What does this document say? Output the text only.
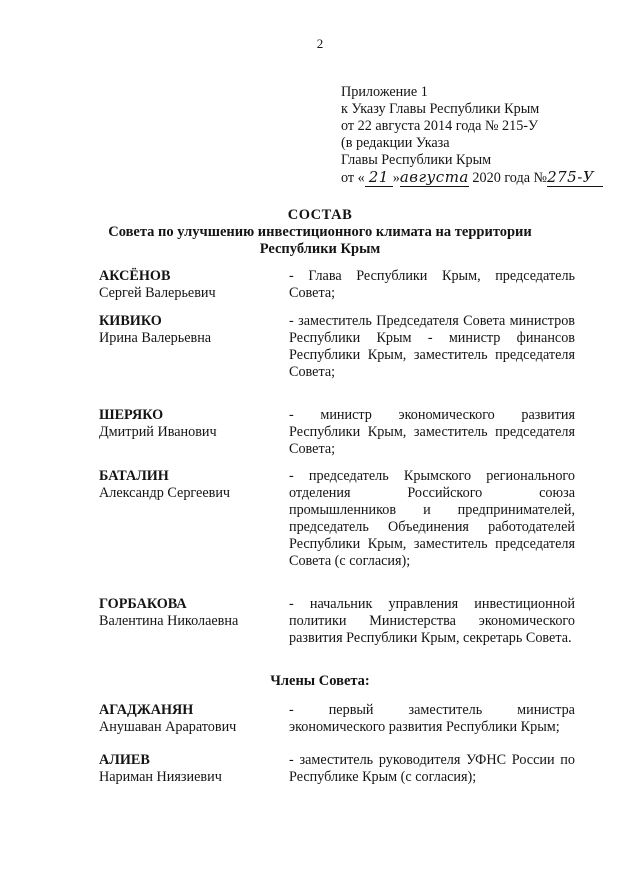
2
Приложение 1
к Указу Главы Республики Крым
от 22 августа 2014 года № 215-У
(в редакции Указа
Главы Республики Крым
от « 21 »августа 2020 года №275-У
СОСТАВ
Совета по улучшению инвестиционного климата на территории
Республики Крым
АКСЁНОВ
Сергей Валерьевич
- Глава Республики Крым, председатель Совета;
КИВИКО
Ирина Валерьевна
- заместитель Председателя Совета министров Республики Крым - министр финансов Республики Крым, заместитель председателя Совета;
ШЕРЯКО
Дмитрий Иванович
- министр экономического развития Республики Крым, заместитель председателя Совета;
БАТАЛИН
Александр Сергеевич
- председатель Крымского регионального отделения Российского союза промышленников и предпринимателей, председатель Объединения работодателей Республики Крым, заместитель председателя Совета (с согласия);
ГОРБАКОВА
Валентина Николаевна
- начальник управления инвестиционной политики Министерства экономического развития Республики Крым, секретарь Совета.
Члены Совета:
АГАДЖАНЯН
Анушаван Араратович
- первый заместитель министра экономического развития Республики Крым;
АЛИЕВ
Нариман Ниязиевич
- заместитель руководителя УФНС России по Республике Крым (с согласия);
